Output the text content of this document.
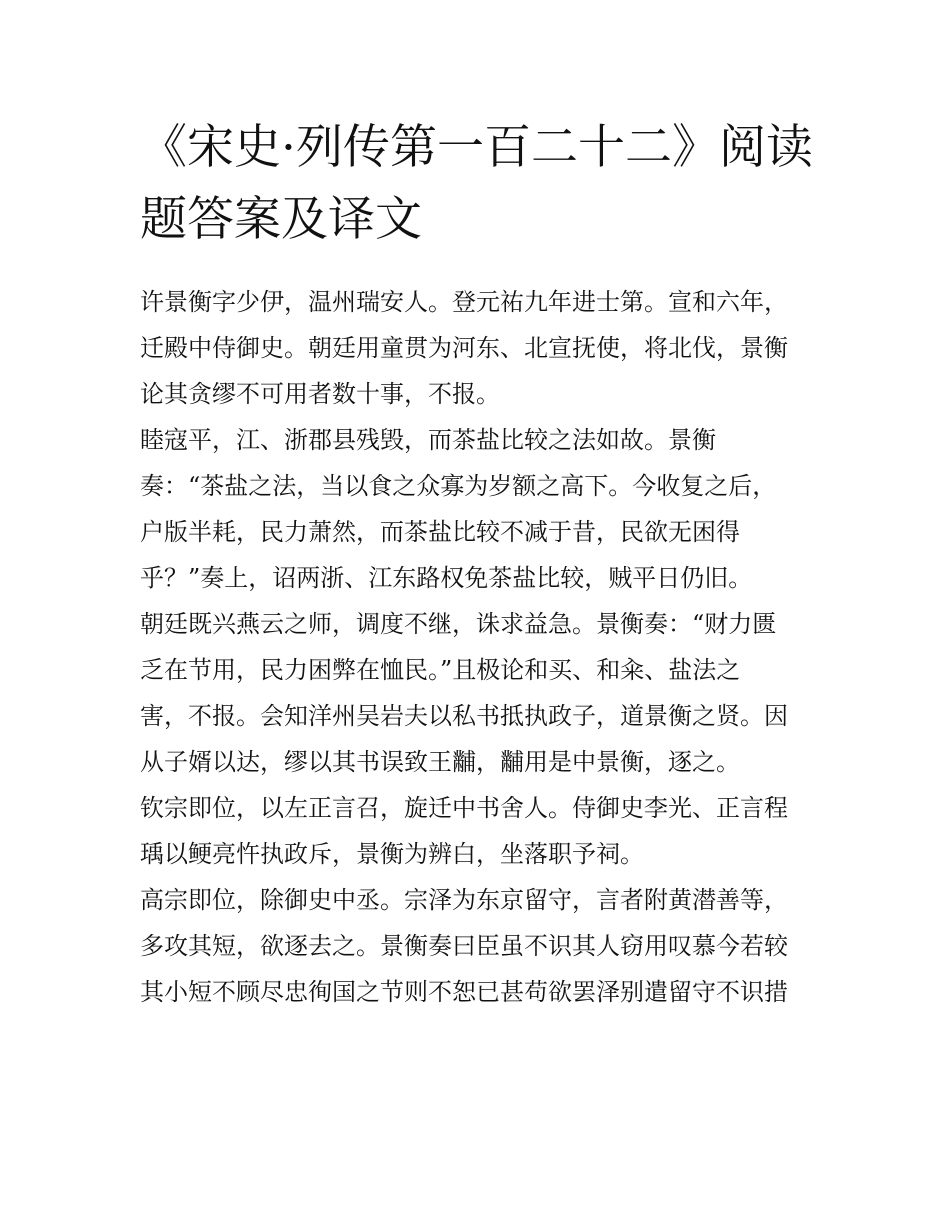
《宋史·列传第一百二十二》阅读题答案及译文
许景衡字少伊，温州瑞安人。登元祐九年进士第。宣和六年，
迁殿中侍御史。朝廷用童贯为河东、北宣抚使，将北伐，景衡
论其贪缪不可用者数十事，不报。
睦寇平，江、浙郡县残毁，而茶盐比较之法如故。景衡
奏：“茶盐之法，当以食之众寡为岁额之高下。今收复之后，
户版半耗，民力萧然，而茶盐比较不减于昔，民欲无困得
乎？”奏上，诏两浙、江东路权免茶盐比较，贼平日仍旧。
朝廷既兴燕云之师，调度不继，诛求益急。景衡奏：“财力匮
乏在节用，民力困弊在恤民。”且极论和买、和籴、盐法之
害，不报。会知洋州吴岩夫以私书抵执政子，道景衡之贤。因
从子婿以达，缪以其书误致王黼，黼用是中景衡，逐之。
钦宗即位，以左正言召，旋迁中书舍人。侍御史李光、正言程
瑀以鲠亮忤执政斥，景衡为辨白，坐落职予祠。
高宗即位，除御史中丞。宗泽为东京留守，言者附黄潜善等，
多攻其短，欲逐去之。景衡奏曰臣虽不识其人窃用叹慕今若较
其小短不顾尽忠徇国之节则不恕已甚苟欲罢泽别遣留守不识措
